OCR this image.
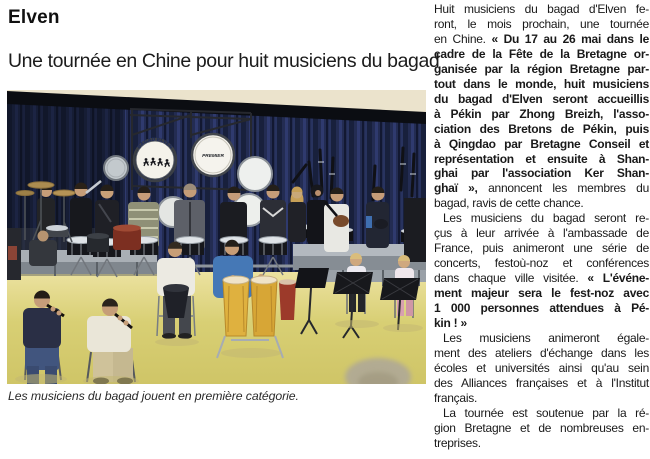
Elven
Une tournée en Chine pour huit musiciens du bagad
BAGAD ELVEN
PREMIER
Les musiciens du bagad jouent en première catégorie.
Huit musiciens du bagad d'Elven fe-
ront, le mois prochain, une tournée
en Chine. « Du 17 au 26 mai dans le
cadre de la Fête de la Bretagne or-
ganisée par la région Bretagne par-
tout dans le monde, huit musiciens
du bagad d'Elven seront accueillis
à Pékin par Zhong Breizh, l'asso-
ciation des Bretons de Pékin, puis
à Qingdao par Bretagne Conseil et
représentation et ensuite à Shan-
ghai par l'association Ker Shan-
ghaï », annoncent les membres du
bagad, ravis de cette chance.
Les musiciens du bagad seront re-
çus à leur arrivée à l'ambassade de
France, puis animeront une série de
concerts, festoù-noz et conférences
dans chaque ville visitée. « L'événe-
ment majeur sera le fest-noz avec
1 000 personnes attendues à Pé-
kin ! »
Les musiciens animeront égale-
ment des ateliers d'échange dans les
écoles et universités ainsi qu'au sein
des Alliances françaises et à l'Institut
français.
La tournée est soutenue par la ré-
gion Bretagne et de nombreuses en-
treprises.
